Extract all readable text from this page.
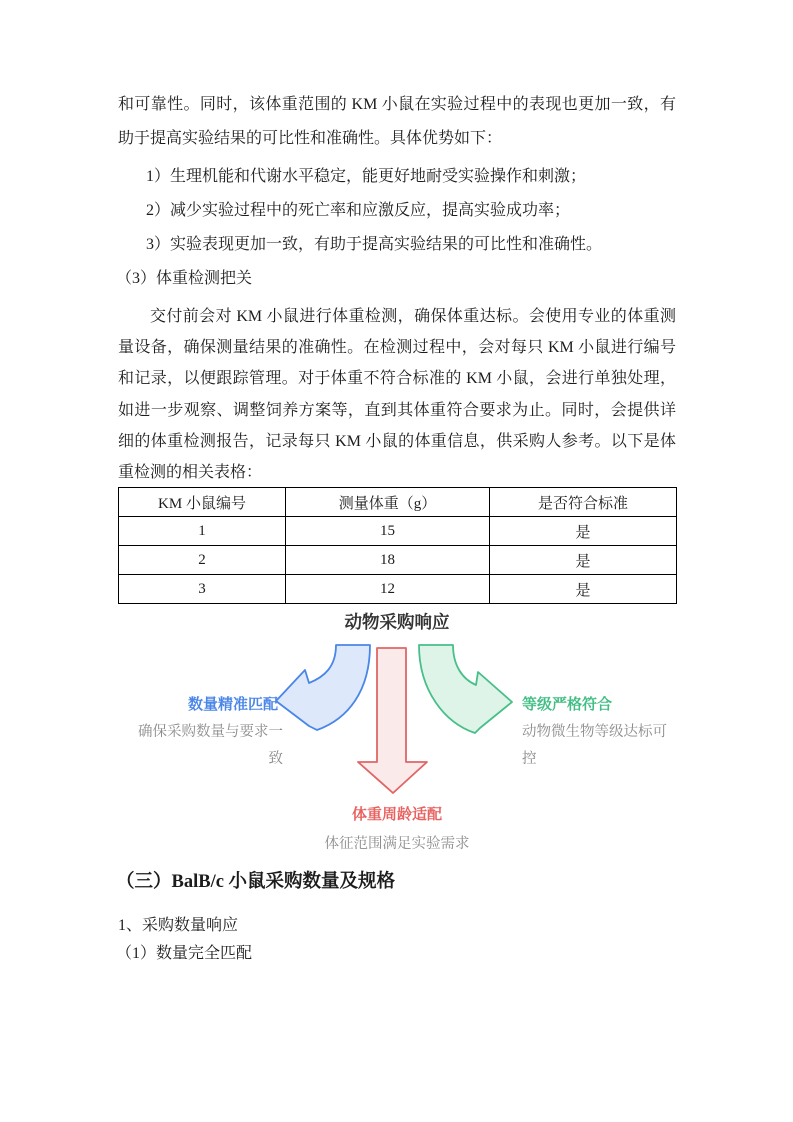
和可靠性。同时，该体重范围的 KM 小鼠在实验过程中的表现也更加一致，有助于提高实验结果的可比性和准确性。具体优势如下：
1）生理机能和代谢水平稳定，能更好地耐受实验操作和刺激；
2）减少实验过程中的死亡率和应激反应，提高实验成功率；
3）实验表现更加一致，有助于提高实验结果的可比性和准确性。
（3）体重检测把关
交付前会对 KM 小鼠进行体重检测，确保体重达标。会使用专业的体重测量设备，确保测量结果的准确性。在检测过程中，会对每只 KM 小鼠进行编号和记录，以便跟踪管理。对于体重不符合标准的 KM 小鼠，会进行单独处理，如进一步观察、调整饲养方案等，直到其体重符合要求为止。同时，会提供详细的体重检测报告，记录每只 KM 小鼠的体重信息，供采购人参考。以下是体重检测的相关表格：
KM 小鼠编号	测量体重（g）	是否符合标准
1	15	是
2	18	是
3	12	是
动物采购响应
数量精准匹配
确保采购数量与要求一致
等级严格符合
动物微生物等级达标可控
体重周龄适配
体征范围满足实验需求
（三）BalB/c 小鼠采购数量及规格
1、采购数量响应
（1）数量完全匹配
